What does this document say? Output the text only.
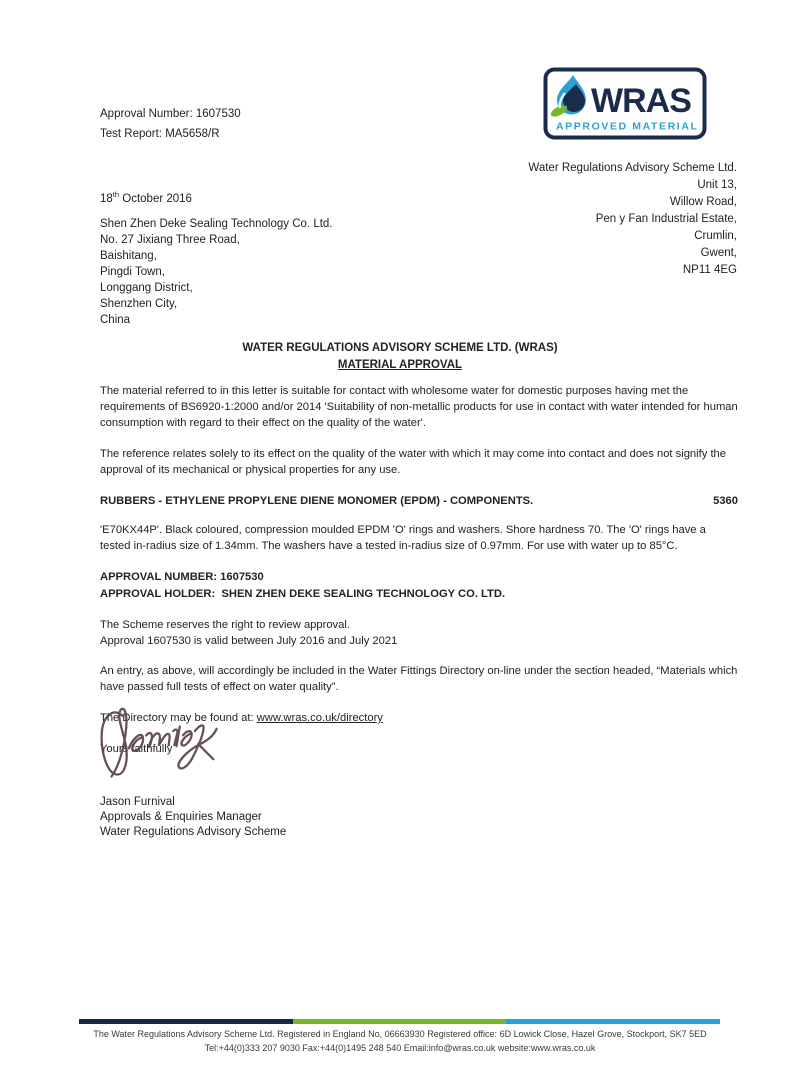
Approval Number: 1607530
Test Report: MA5658/R
WRAS
APPROVED MATERIAL
Water Regulations Advisory Scheme Ltd.
Unit 13,
Willow Road,
Pen y Fan Industrial Estate,
Crumlin,
Gwent,
NP11 4EG
18th October 2016
Shen Zhen Deke Sealing Technology Co. Ltd.
No. 27 Jixiang Three Road,
Baishitang,
Pingdi Town,
Longgang District,
Shenzhen City,
China
WATER REGULATIONS ADVISORY SCHEME LTD. (WRAS)
MATERIAL APPROVAL

The material referred to in this letter is suitable for contact with wholesome water for domestic purposes having met the requirements of BS6920-1:2000 and/or 2014 'Suitability of non-metallic products for use in contact with water intended for human consumption with regard to their effect on the quality of the water'.

The reference relates solely to its effect on the quality of the water with which it may come into contact and does not signify the approval of its mechanical or physical properties for any use.

RUBBERS - ETHYLENE PROPYLENE DIENE MONOMER (EPDM) - COMPONENTS.	5360

'E70KX44P'. Black coloured, compression moulded EPDM 'O' rings and washers. Shore hardness 70. The 'O' rings have a tested in-radius size of 1.34mm. The washers have a tested in-radius size of 0.97mm. For use with water up to 85°C.

APPROVAL NUMBER: 1607530
APPROVAL HOLDER:  SHEN ZHEN DEKE SEALING TECHNOLOGY CO. LTD.
The Scheme reserves the right to review approval.
Approval 1607530 is valid between July 2016 and July 2021

An entry, as above, will accordingly be included in the Water Fittings Directory on-line under the section headed, “Materials which have passed full tests of effect on water quality”.

The Directory may be found at: www.wras.co.uk/directory

Yours faithfully

Jason Furnival
Approvals & Enquiries Manager
Water Regulations Advisory Scheme
The Water Regulations Advisory Scheme Ltd. Registered in England No, 06663930 Registered office: 6D Lowick Close, Hazel Grove, Stockport, SK7 5ED
Tel:+44(0)333 207 9030 Fax:+44(0)1495 248 540 Email:info@wras.co.uk website:www.wras.co.uk
